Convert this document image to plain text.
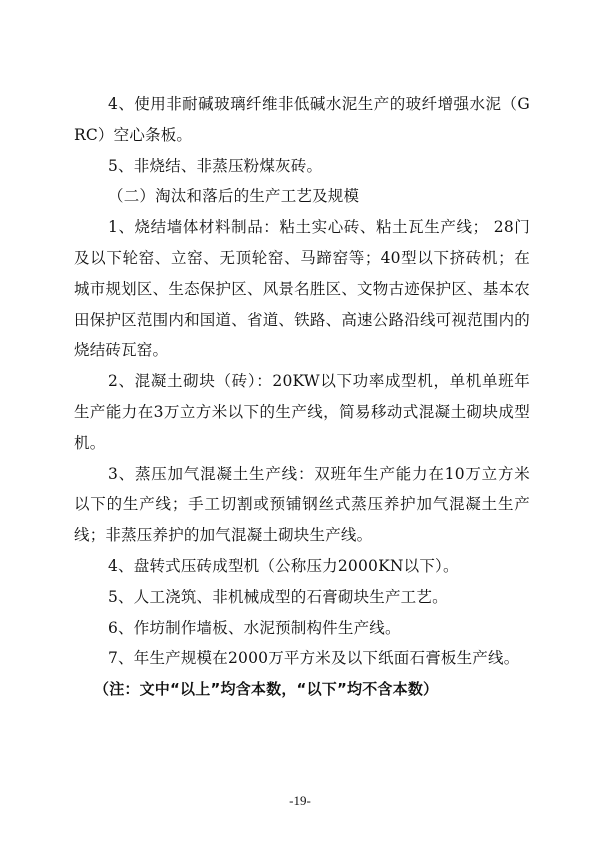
4、使用非耐碱玻璃纤维非低碱水泥生产的玻纤增强水泥（GRC）空心条板。

5、非烧结、非蒸压粉煤灰砖。

（二）淘汰和落后的生产工艺及规模

1、烧结墙体材料制品：粘土实心砖、粘土瓦生产线； 28门及以下轮窑、立窑、无顶轮窑、马蹄窑等；40型以下挤砖机；在城市规划区、生态保护区、风景名胜区、文物古迹保护区、基本农田保护区范围内和国道、省道、铁路、高速公路沿线可视范围内的烧结砖瓦窑。

2、混凝土砌块（砖）：20KW以下功率成型机，单机单班年生产能力在3万立方米以下的生产线，简易移动式混凝土砌块成型机。

3、蒸压加气混凝土生产线：双班年生产能力在10万立方米以下的生产线；手工切割或预铺钢丝式蒸压养护加气混凝土生产线；非蒸压养护的加气混凝土砌块生产线。

4、盘转式压砖成型机（公称压力2000KN以下）。

5、人工浇筑、非机械成型的石膏砌块生产工艺。

6、作坊制作墙板、水泥预制构件生产线。

7、年生产规模在2000万平方米及以下纸面石膏板生产线。

（注：文中“以上”均含本数，“以下”均不含本数）

-19-
